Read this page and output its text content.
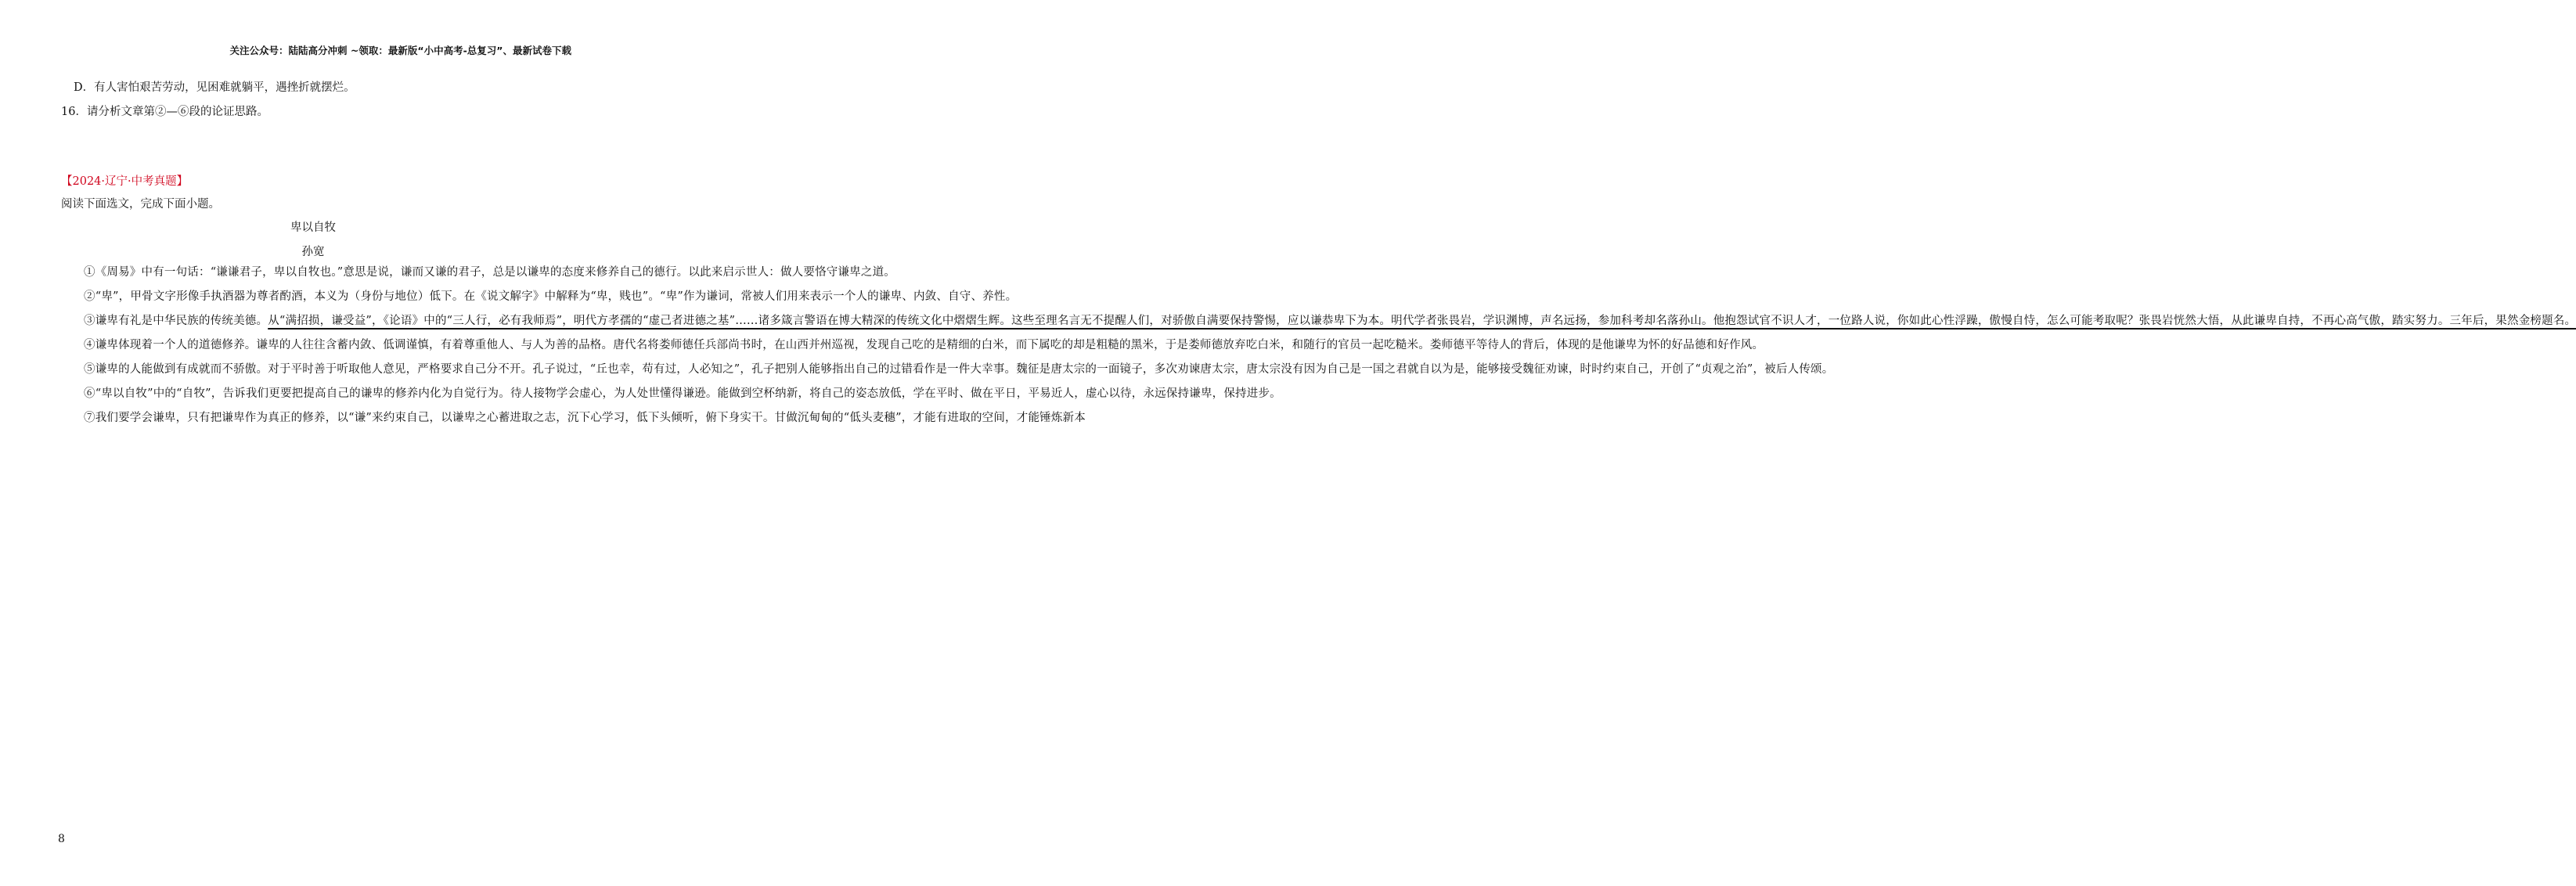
关注公众号：陆陆高分冲刺 ~领取：最新版“小中高考-总复习”、最新试卷下载
D．有人害怕艰苦劳动，见困难就躺平，遇挫折就摆烂。
16．请分析文章第②—⑥段的论证思路。
【2024·辽宁·中考真题】
阅读下面选文，完成下面小题。
卑以自牧
孙宽

①《周易》中有一句话：“谦谦君子，卑以自牧也。”意思是说，谦而又谦的君子，总是以谦卑的态度来修养自己的德行。以此来启示世人：做人要恪守谦卑之道。

②“卑”，甲骨文字形像手执酒器为尊者酌酒，本义为（身份与地位）低下。在《说文解字》中解释为“卑，贱也”。“卑”作为谦词，常被人们用来表示一个人的谦卑、内敛、自守、养性。

③谦卑有礼是中华民族的传统美德。从“满招损，谦受益”，《论语》中的“三人行，必有我师焉”，明代方孝孺的“虚己者进德之基”……诸多箴言警语在博大精深的传统文化中熠熠生辉。这些至理名言无不提醒人们，对骄傲自满要保持警惕，应以谦恭卑下为本。明代学者张畏岩，学识渊博，声名远扬，参加科考却名落孙山。他抱怨试官不识人才，一位路人说，你如此心性浮躁，傲慢自恃，怎么可能考取呢？张畏岩恍然大悟，从此谦卑自持，不再心高气傲，踏实努力。三年后，果然金榜题名。

④谦卑体现着一个人的道德修养。谦卑的人往往含蓄内敛、低调谨慎，有着尊重他人、与人为善的品格。唐代名将娄师德任兵部尚书时，在山西并州巡视，发现自己吃的是精细的白米，而下属吃的却是粗糙的黑米，于是娄师德放弃吃白米，和随行的官员一起吃糙米。娄师德平等待人的背后，体现的是他谦卑为怀的好品德和好作风。

⑤谦卑的人能做到有成就而不骄傲。对于平时善于听取他人意见，严格要求自己分不开。孔子说过，“丘也幸，苟有过，人必知之”，孔子把别人能够指出自己的过错看作是一件大幸事。魏征是唐太宗的一面镜子，多次劝谏唐太宗，唐太宗没有因为自己是一国之君就自以为是，能够接受魏征劝谏，时时约束自己，开创了“贞观之治”，被后人传颂。

⑥“卑以自牧”中的“自牧”，告诉我们更要把提高自己的谦卑的修养内化为自觉行为。待人接物学会虚心，为人处世懂得谦逊。能做到空杯纳新，将自己的姿态放低，学在平时、做在平日，平易近人，虚心以待，永远保持谦卑，保持进步。

⑦我们要学会谦卑，只有把谦卑作为真正的修养，以“谦”来约束自己，以谦卑之心蓄进取之志，沉下心学习，低下头倾听，俯下身实干。甘做沉甸甸的“低头麦穗”，才能有进取的空间，才能锤炼新本

8
